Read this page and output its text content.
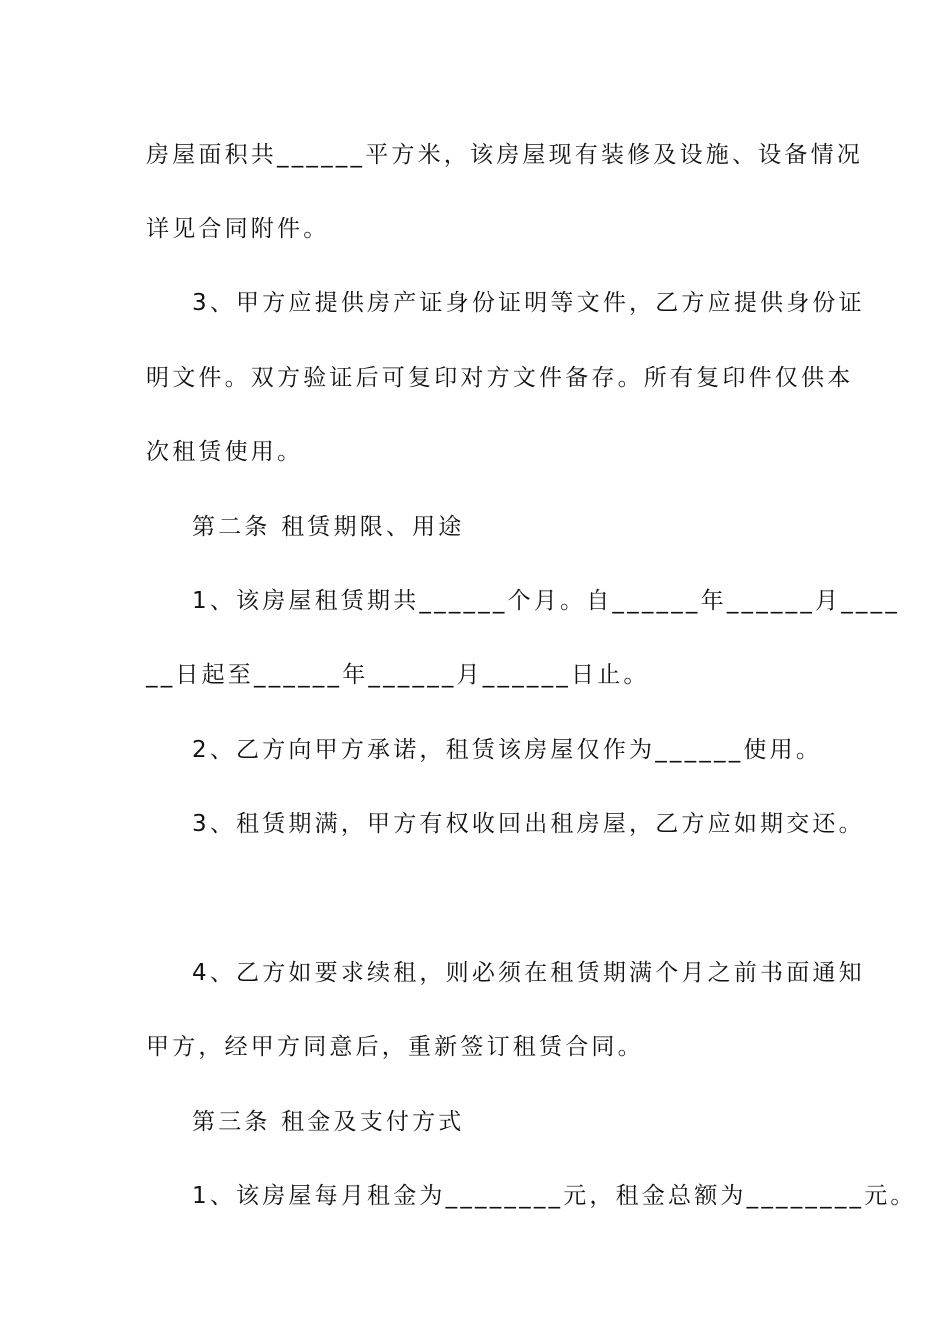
房屋面积共______平方米，该房屋现有装修及设施、设备情况
详见合同附件。
3、甲方应提供房产证身份证明等文件，乙方应提供身份证
明文件。双方验证后可复印对方文件备存。所有复印件仅供本
次租赁使用。
第二条 租赁期限、用途
1、该房屋租赁期共______个月。自______年______月____
__日起至______年______月______日止。
2、乙方向甲方承诺，租赁该房屋仅作为______使用。
3、租赁期满，甲方有权收回出租房屋，乙方应如期交还。
4、乙方如要求续租，则必须在租赁期满个月之前书面通知
甲方，经甲方同意后，重新签订租赁合同。
第三条 租金及支付方式
1、该房屋每月租金为________元，租金总额为________元。
